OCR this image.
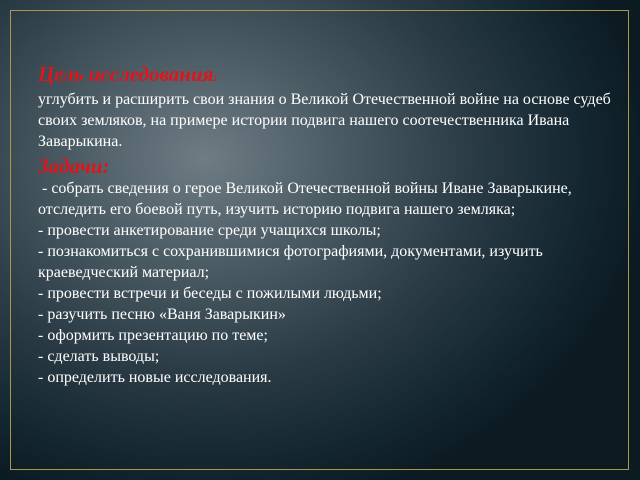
Цель исследования:

углубить и расширить свои знания о Великой Отечественной войне на основе судеб своих земляков, на примере истории подвига нашего соотечественника Ивана Заварыкина.

Задачи:
- собрать сведения о герое Великой Отечественной войны Иване Заварыкине, отследить его боевой путь, изучить историю подвига нашего земляка;
- провести анкетирование среди учащихся школы;
- познакомиться с сохранившимися фотографиями, документами, изучить краеведческий материал;
- провести встречи и беседы с пожилыми людьми;
- разучить песню «Ваня Заварыкин»
- оформить презентацию по теме;
- сделать выводы;
- определить новые исследования.
